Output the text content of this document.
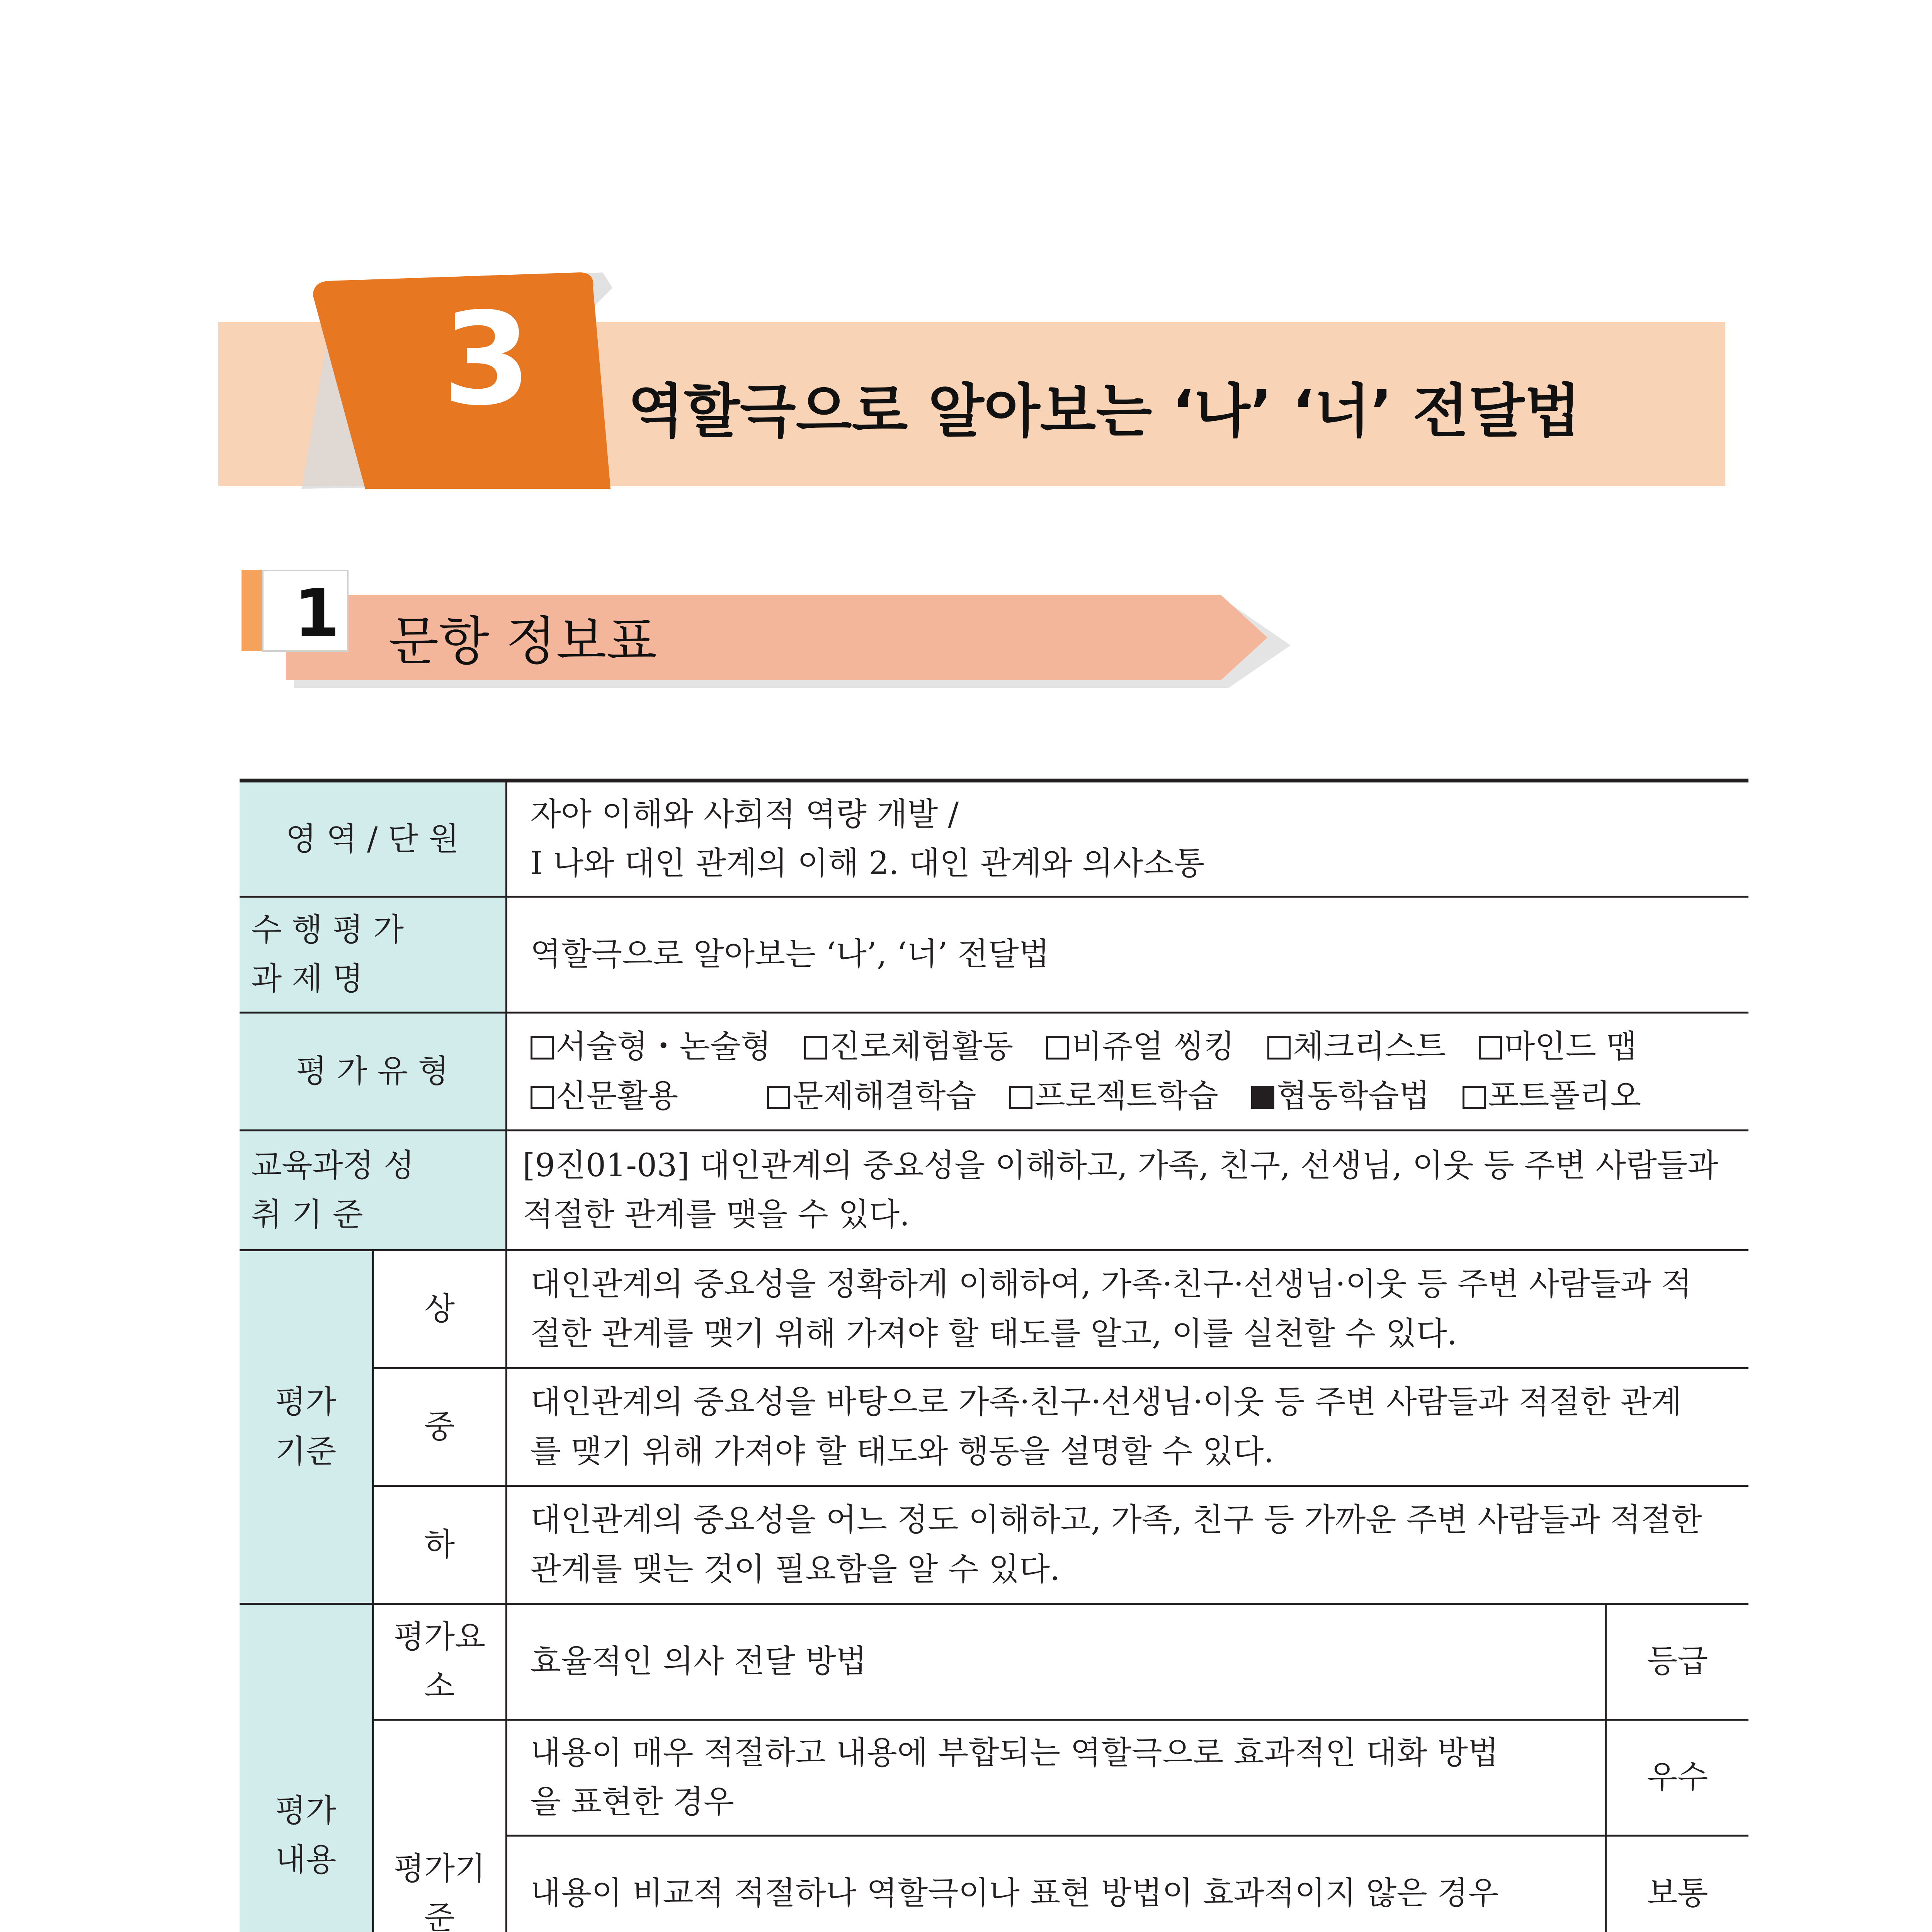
3	역할극으로 알아보는 ‘나’ ‘너’ 전달법
1 문항 정보표
영 역 / 단 원		자아 이해와 사회적 역량 개발 /
Ⅰ 나와 대인 관계의 이해 2. 대인 관계와 의사소통	

수 행 평 가
과 제 명		역할극으로 알아보는 ‘나’, ‘너’ 전달법	
평 가 유 형		서술형・논술형 진로체험활동 비쥬얼 씽킹 체크리스트 마인드 맵
신문활용 문제해결학습 프로젝트학습 협동학습법 포트폴리오	

교육과정 성
취 기 준		[9진01-03] 대인관계의 중요성을 이해하고, 가족, 친구, 선생님, 이웃 등 주변 사람들과
적절한 관계를 맺을 수 있다.	

평가
기준	상	대인관계의 중요성을 정확하게 이해하여, 가족·친구·선생님·이웃 등 주변 사람들과 적
절한 관계를 맺기 위해 가져야 할 태도를 알고, 이를 실천할 수 있다.	

	중	대인관계의 중요성을 바탕으로 가족·친구·선생님·이웃 등 주변 사람들과 적절한 관계
를 맺기 위해 가져야 할 태도와 행동을 설명할 수 있다.	

	하	대인관계의 중요성을 어느 정도 이해하고, 가족, 친구 등 가까운 주변 사람들과 적절한
관계를 맺는 것이 필요함을 알 수 있다.	

평가
내용	평가요
소	효율적인 의사 전달 방법	등급

	평가기
준	내용이 매우 적절하고 내용에 부합되는 역할극으로 효과적인 대화 방법
을 표현한 경우	우수
		내용이 비교적 적절하나 역할극이나 표현 방법이 효과적이지 않은 경우	보통
